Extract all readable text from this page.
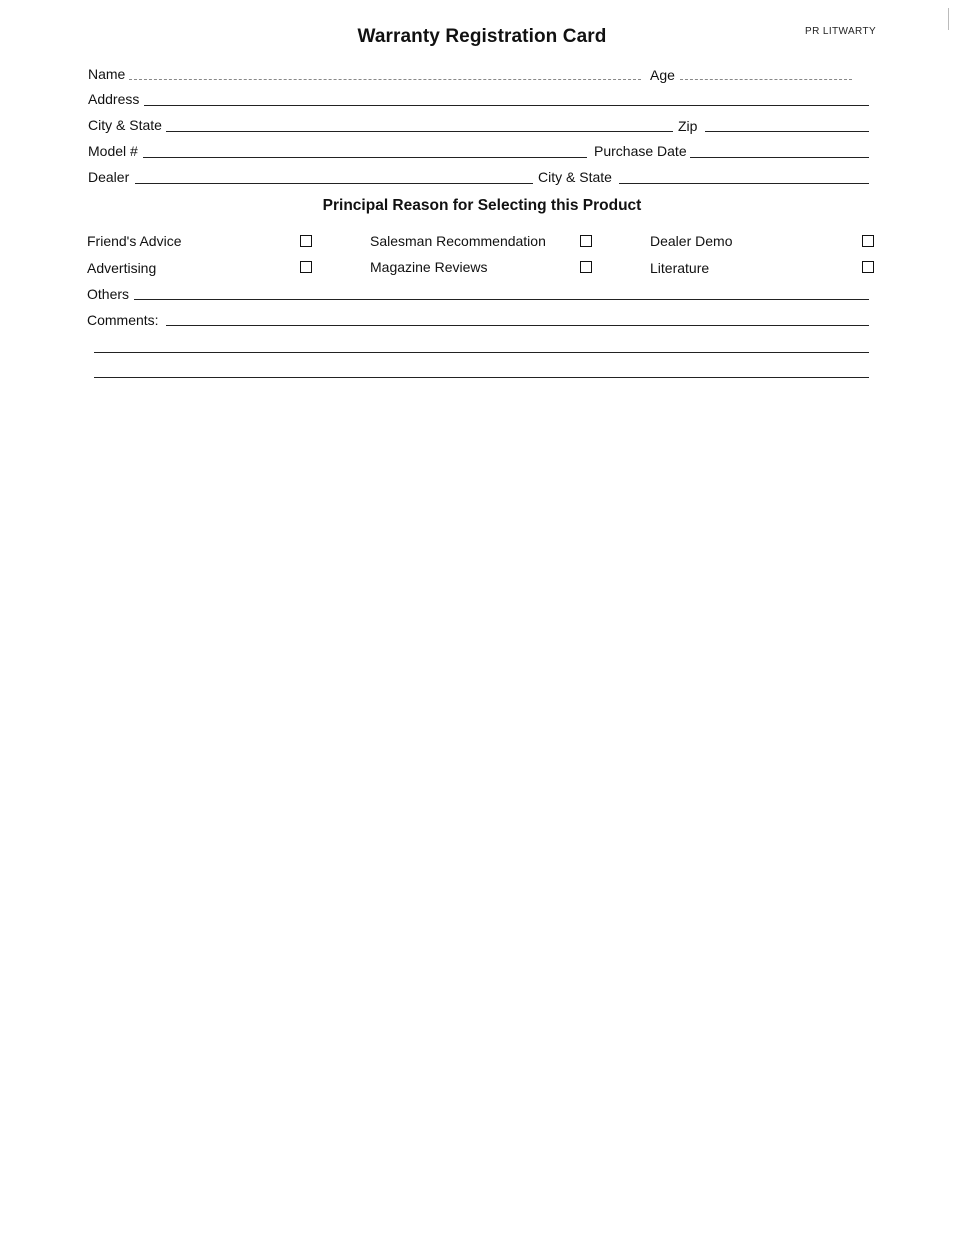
Warranty Registration Card	PR LITWARTY
Name	Age
Address
City & State	Zip
Model #	Purchase Date
Dealer	City & State
Principal Reason for Selecting this Product
Friend's Advice	Salesman Recommendation	Dealer Demo
Advertising	Magazine Reviews	Literature
Others
Comments:
